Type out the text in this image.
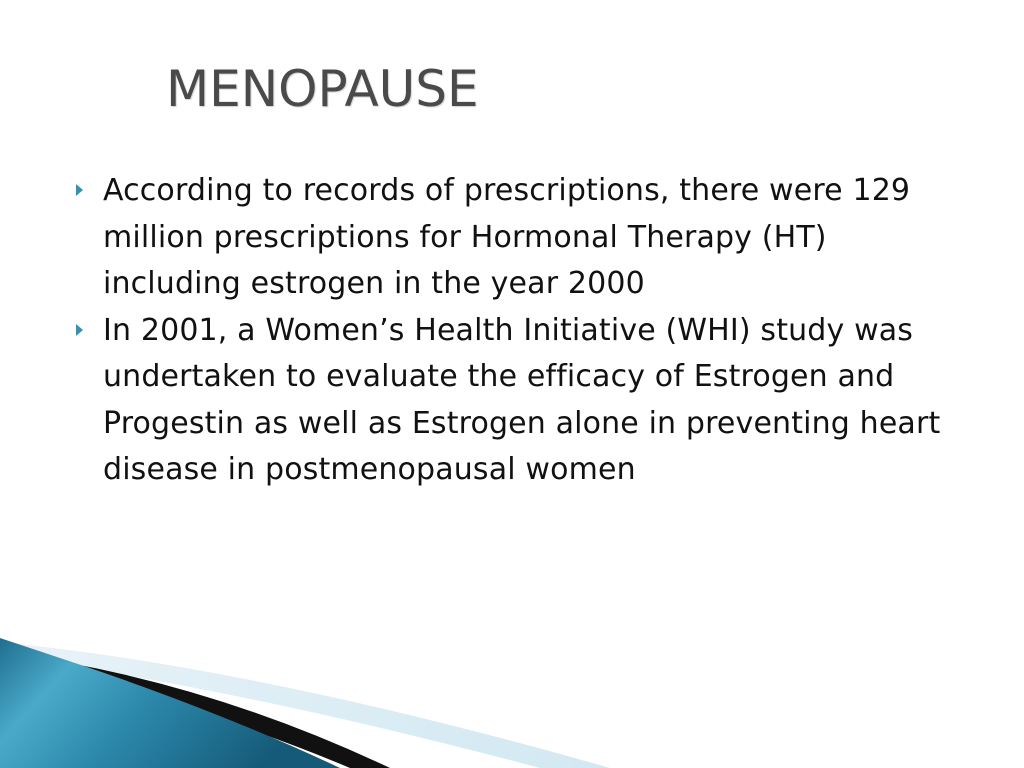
MENOPAUSE
According to records of prescriptions, there were 129 million prescriptions for Hormonal Therapy (HT) including estrogen in the year 2000
In 2001, a Women’s Health Initiative (WHI) study was undertaken to evaluate the efficacy of Estrogen and Progestin as well as Estrogen alone in preventing heart disease in postmenopausal women
